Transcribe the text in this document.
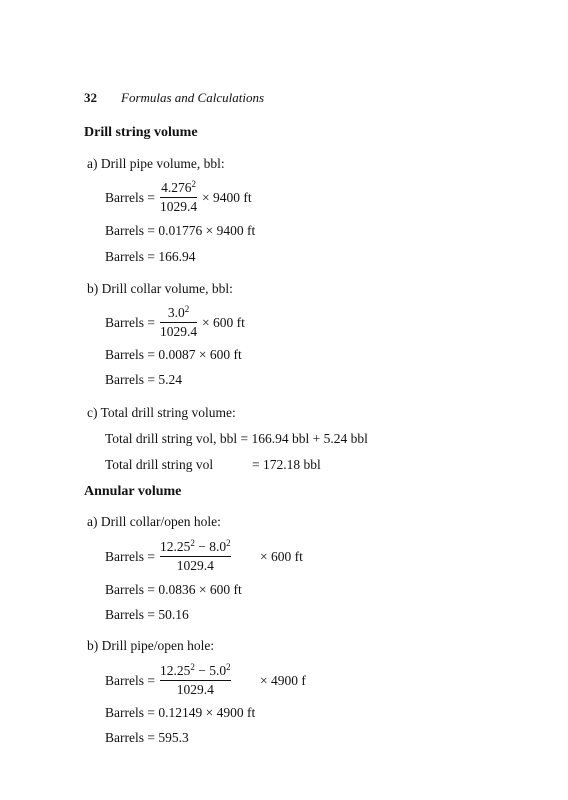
32 Formulas and Calculations
Drill string volume
a) Drill pipe volume, bbl:
Barrels =
$4.276^2$
1029.4
× 9400 ft
Barrels = 0.01776 × 9400 ft
Barrels = 166.94
b) Drill collar volume, bbl:
Barrels =
$3.0^2$
1029.4
× 600 ft
Barrels = 0.0087 × 600 ft
Barrels = 5.24
c) Total drill string volume:
Total drill string vol, bbl = 166.94 bbl + 5.24 bbl
Total drill string vol	= 172.18 bbl
Annular volume
a) Drill collar/open hole:
Barrels =
$12.25^2 - 8.0^2$
1029.4
× 600 ft
Barrels = 0.0836 × 600 ft
Barrels = 50.16
b) Drill pipe/open hole:
Barrels =
$12.25^2 - 5.0^2$
1029.4
× 4900 f
Barrels = 0.12149 × 4900 ft
Barrels = 595.3
